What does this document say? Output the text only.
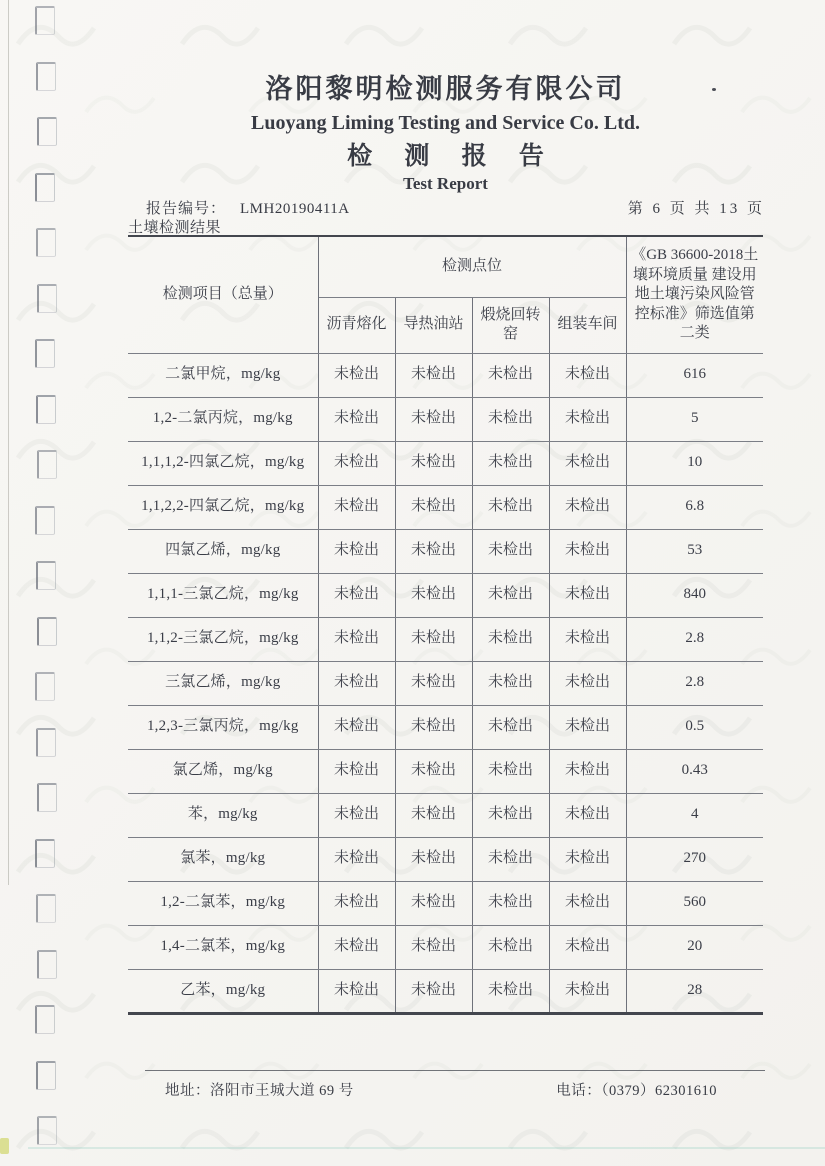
洛阳黎明检测服务有限公司
Luoyang Liming Testing and Service Co. Ltd.
检 测 报 告
Test Report
报告编号： LMH20190411A	第 6 页 共 13 页
土壤检测结果
检测项目（总量）	检测点位				《GB 36600-2018土壤环境质量 建设用地土壤污染风险管控标准》筛选值第二类
	沥青熔化	导热油站	煅烧回转窑	组装车间	
二氯甲烷，mg/kg	未检出	未检出	未检出	未检出	616
1,2-二氯丙烷，mg/kg	未检出	未检出	未检出	未检出	5
1,1,1,2-四氯乙烷，mg/kg	未检出	未检出	未检出	未检出	10
1,1,2,2-四氯乙烷，mg/kg	未检出	未检出	未检出	未检出	6.8
四氯乙烯，mg/kg	未检出	未检出	未检出	未检出	53
1,1,1-三氯乙烷，mg/kg	未检出	未检出	未检出	未检出	840
1,1,2-三氯乙烷，mg/kg	未检出	未检出	未检出	未检出	2.8
三氯乙烯，mg/kg	未检出	未检出	未检出	未检出	2.8
1,2,3-三氯丙烷，mg/kg	未检出	未检出	未检出	未检出	0.5
氯乙烯，mg/kg	未检出	未检出	未检出	未检出	0.43
苯，mg/kg	未检出	未检出	未检出	未检出	4
氯苯，mg/kg	未检出	未检出	未检出	未检出	270
1,2-二氯苯，mg/kg	未检出	未检出	未检出	未检出	560
1,4-二氯苯，mg/kg	未检出	未检出	未检出	未检出	20
乙苯，mg/kg	未检出	未检出	未检出	未检出	28
地址：洛阳市王城大道 69 号	电话：（0379）62301610
